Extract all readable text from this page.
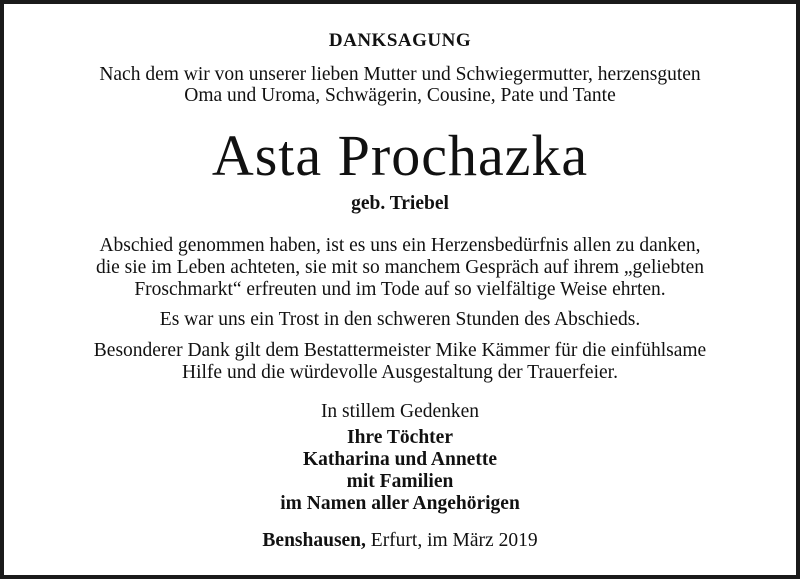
DANKSAGUNG
Nach dem wir von unserer lieben Mutter und Schwiegermutter, herzensguten
Oma und Uroma, Schwägerin, Cousine, Pate und Tante
Asta Prochazka
geb. Triebel
Abschied genommen haben, ist es uns ein Herzensbedürfnis allen zu danken,
die sie im Leben achteten, sie mit so manchem Gespräch auf ihrem „geliebten
Froschmarkt“ erfreuten und im Tode auf so vielfältige Weise ehrten.
Es war uns ein Trost in den schweren Stunden des Abschieds.
Besonderer Dank gilt dem Bestattermeister Mike Kämmer für die einfühlsame
Hilfe und die würdevolle Ausgestaltung der Trauerfeier.
In stillem Gedenken
Ihre Töchter
Katharina und Annette
mit Familien
im Namen aller Angehörigen
Benshausen, Erfurt, im März 2019
